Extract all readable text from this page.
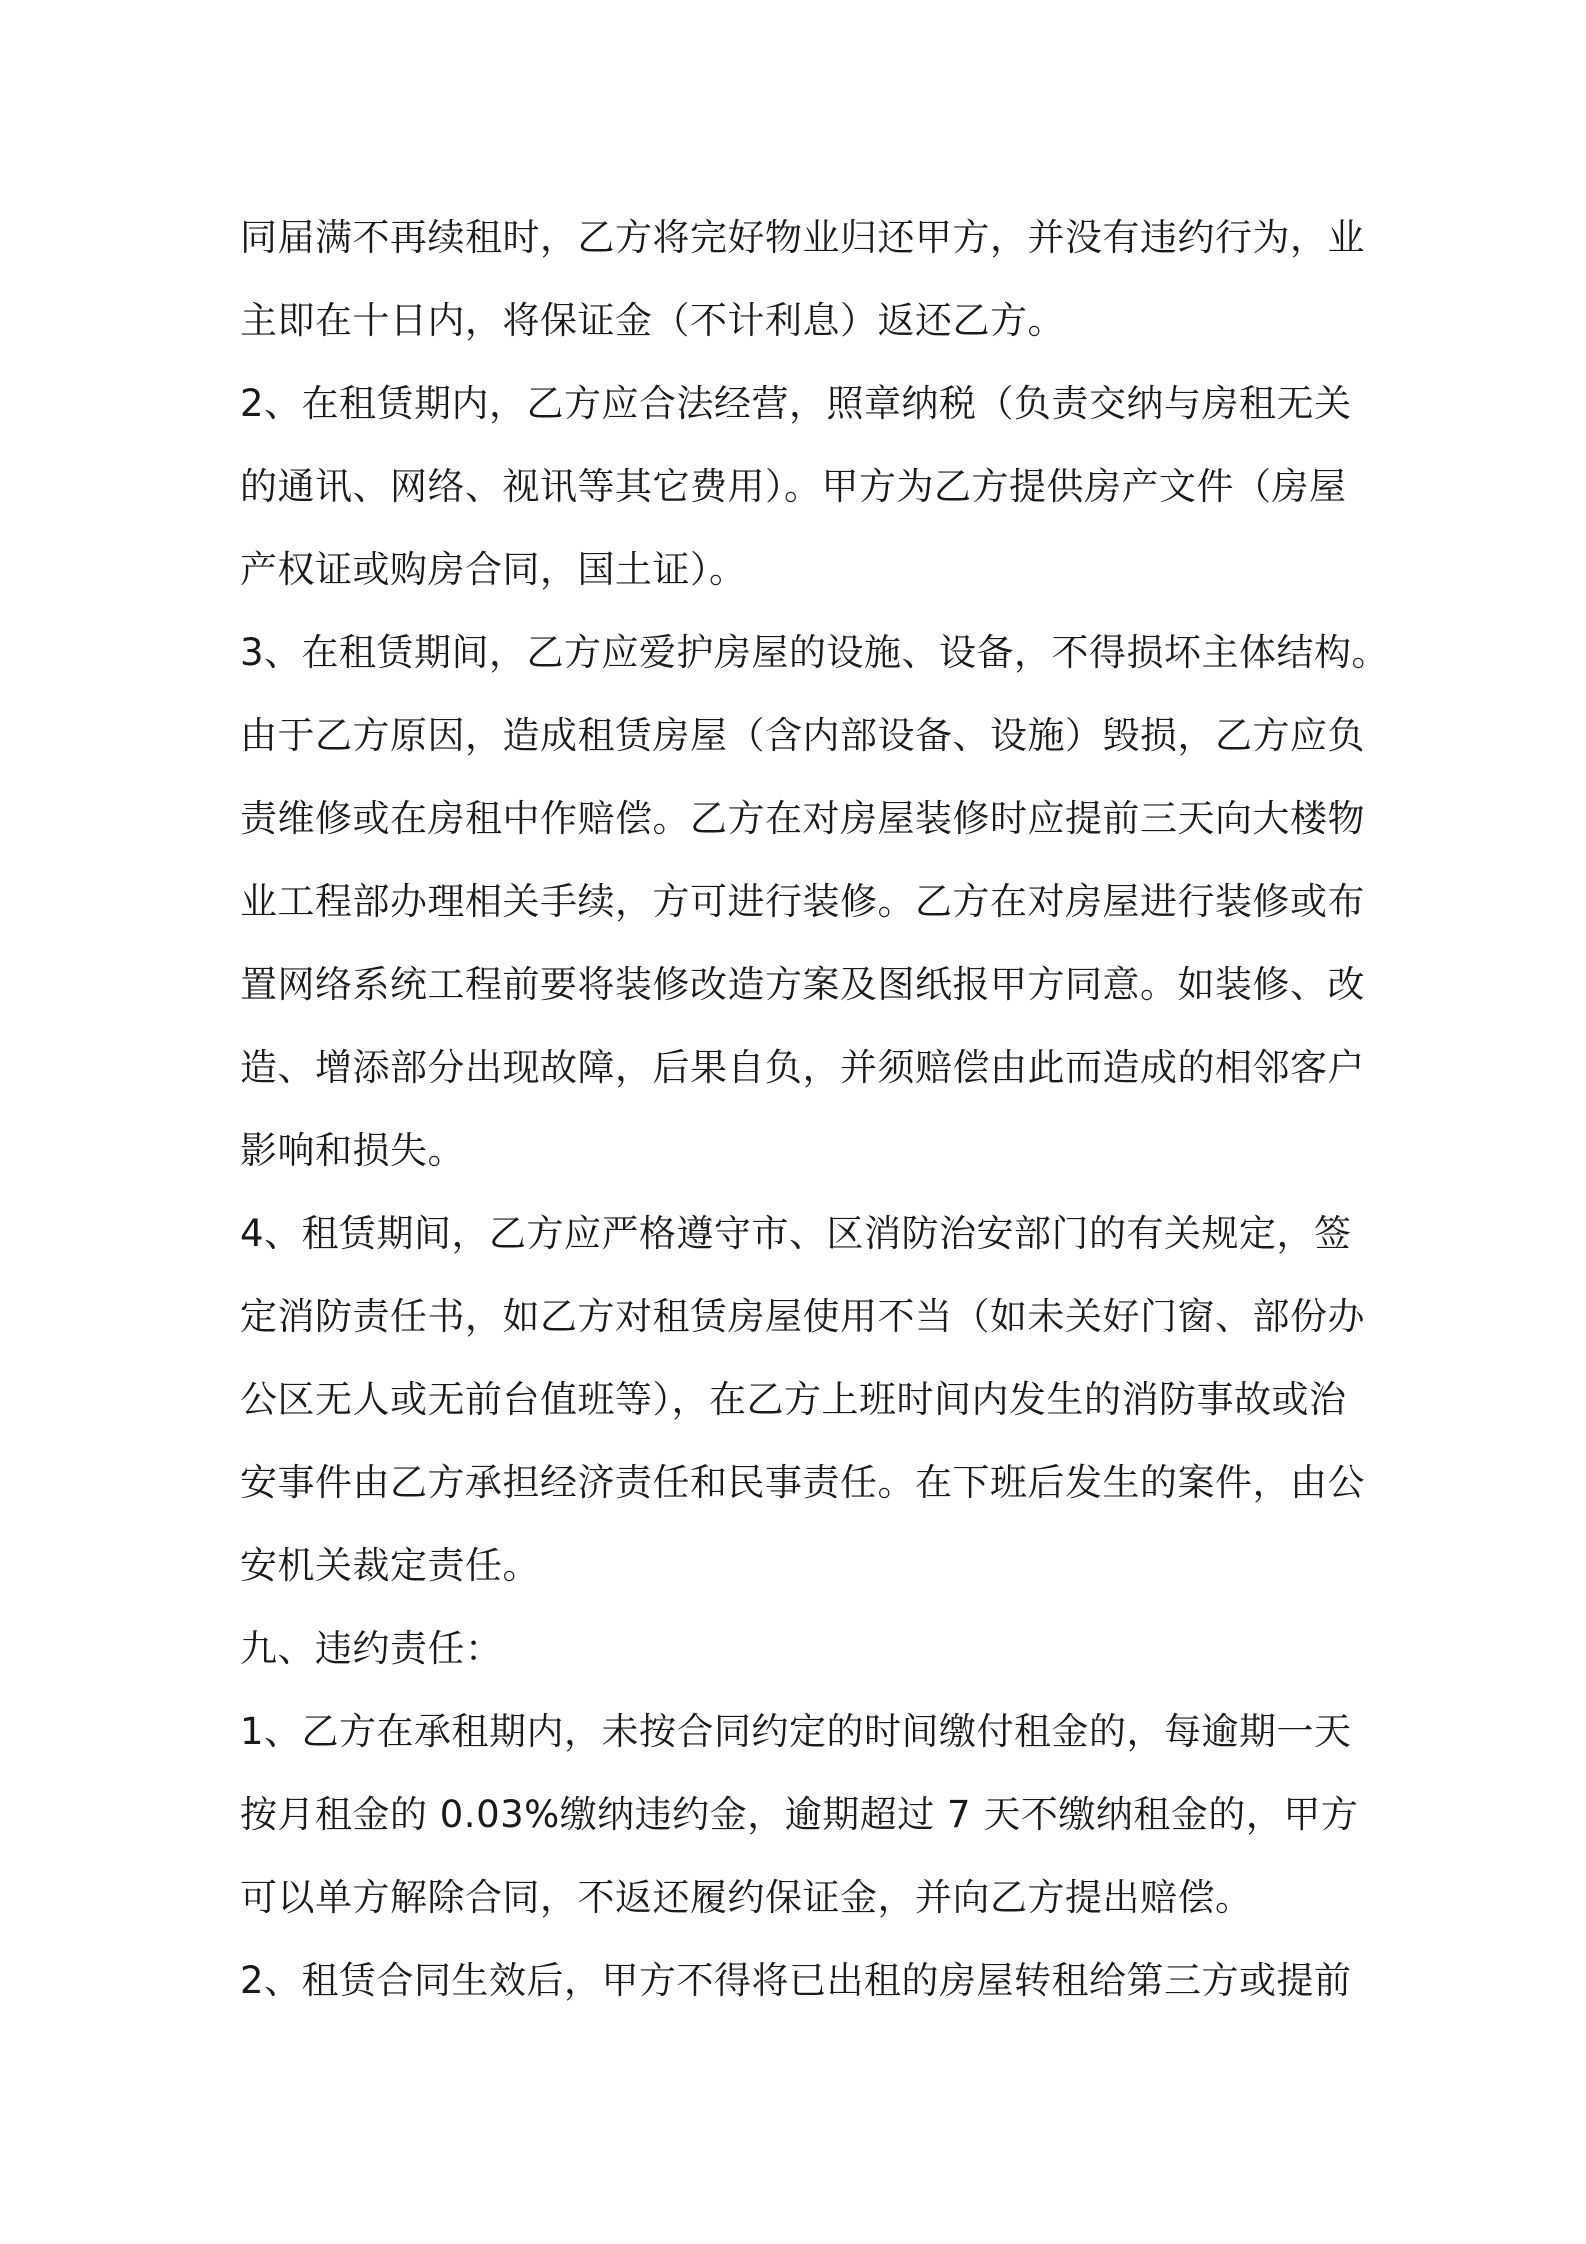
同届满不再续租时，乙方将完好物业归还甲方，并没有违约行为，业
主即在十日内，将保证金（不计利息）返还乙方。
2、在租赁期内，乙方应合法经营，照章纳税（负责交纳与房租无关
的通讯、网络、视讯等其它费用）。甲方为乙方提供房产文件（房屋
产权证或购房合同，国土证）。
3、在租赁期间，乙方应爱护房屋的设施、设备，不得损坏主体结构。
由于乙方原因，造成租赁房屋（含内部设备、设施）毁损，乙方应负
责维修或在房租中作赔偿。乙方在对房屋装修时应提前三天向大楼物
业工程部办理相关手续，方可进行装修。乙方在对房屋进行装修或布
置网络系统工程前要将装修改造方案及图纸报甲方同意。如装修、改
造、增添部分出现故障，后果自负，并须赔偿由此而造成的相邻客户
影响和损失。
4、租赁期间，乙方应严格遵守市、区消防治安部门的有关规定，签
定消防责任书，如乙方对租赁房屋使用不当（如未关好门窗、部份办
公区无人或无前台值班等），在乙方上班时间内发生的消防事故或治
安事件由乙方承担经济责任和民事责任。在下班后发生的案件，由公
安机关裁定责任。
九、违约责任：
1、乙方在承租期内，未按合同约定的时间缴付租金的，每逾期一天
按月租金的 0.03%缴纳违约金，逾期超过 7 天不缴纳租金的，甲方
可以单方解除合同，不返还履约保证金，并向乙方提出赔偿。
2、租赁合同生效后，甲方不得将已出租的房屋转租给第三方或提前
